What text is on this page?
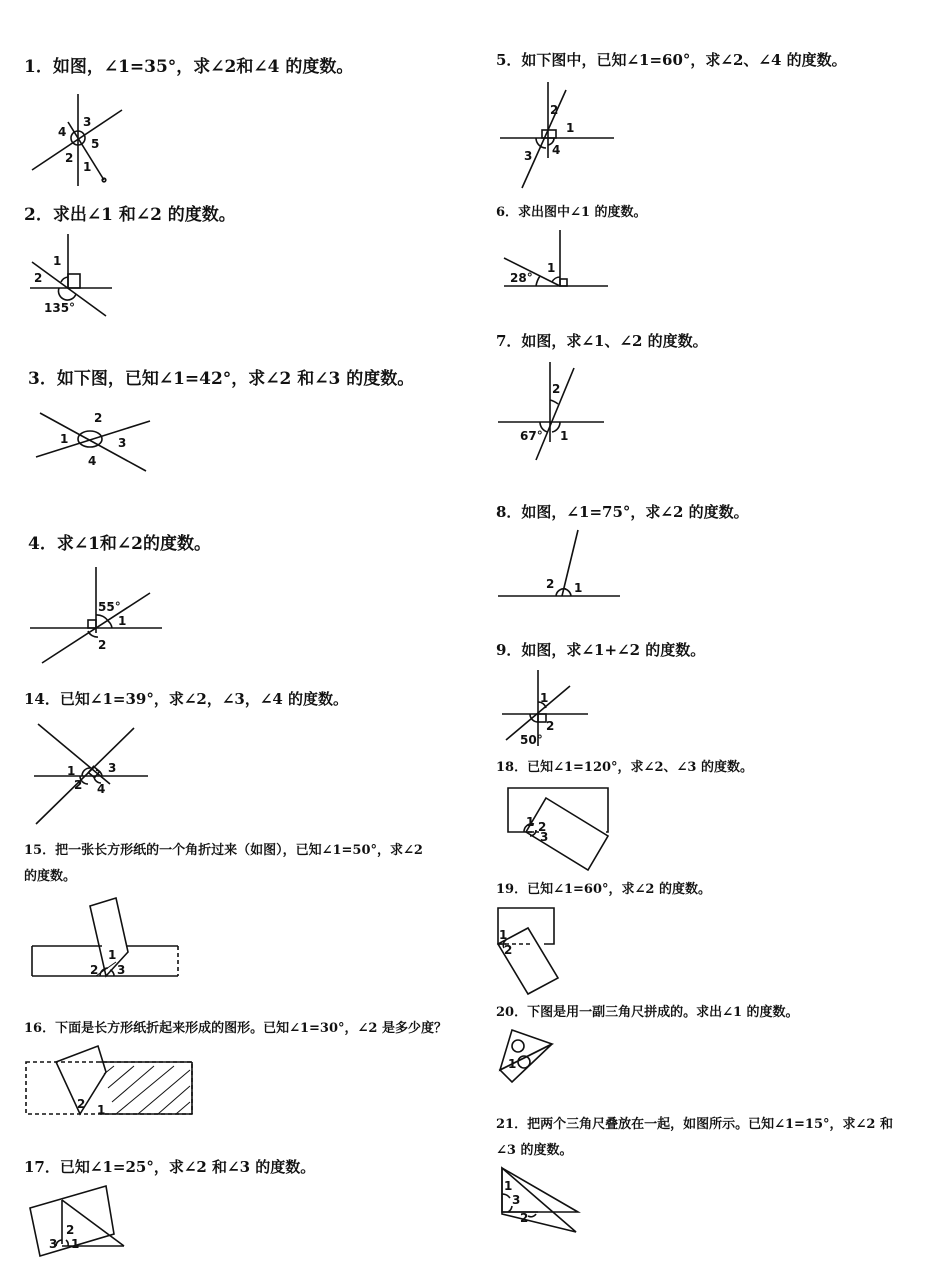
1．如图，∠1=35°，求∠2和∠4 的度数。

4
3
5
2
1

2．求出∠1 和∠2 的度数。

1
2
135°

3．如下图，已知∠1=42°，求∠2 和∠3 的度数。

2
1	3
4

4．求∠1和∠2的度数。

55°
1
2

14．已知∠1=39°，求∠2，∠3，∠4 的度数。

1	3
2 4

15．把一张长方形纸的一个角折过来（如图），已知∠1=50°，求∠2

的度数。

1
2 3

16．下面是长方形纸折起来形成的图形。已知∠1=30°，∠2 是多少度？

2 1

17．已知∠1=25°，求∠2 和∠3 的度数。

2
3 1

5．如下图中，已知∠1=60°，求∠2、∠4 的度数。

2
1
3 4

6．求出图中∠1 的度数。

28°
1

7．如图，求∠1、∠2 的度数。

2
67° 1

8．如图，∠1=75°，求∠2 的度数。

2 1

9．如图，求∠1+∠2 的度数。

1
2
50°

18．已知∠1=120°，求∠2、∠3 的度数。

1 2
3

19．已知∠1=60°，求∠2 的度数。

1
2

20．下图是用一副三角尺拼成的。求出∠1 的度数。

1

21．把两个三角尺叠放在一起，如图所示。已知∠1=15°，求∠2 和

∠3 的度数。

1
3
2
